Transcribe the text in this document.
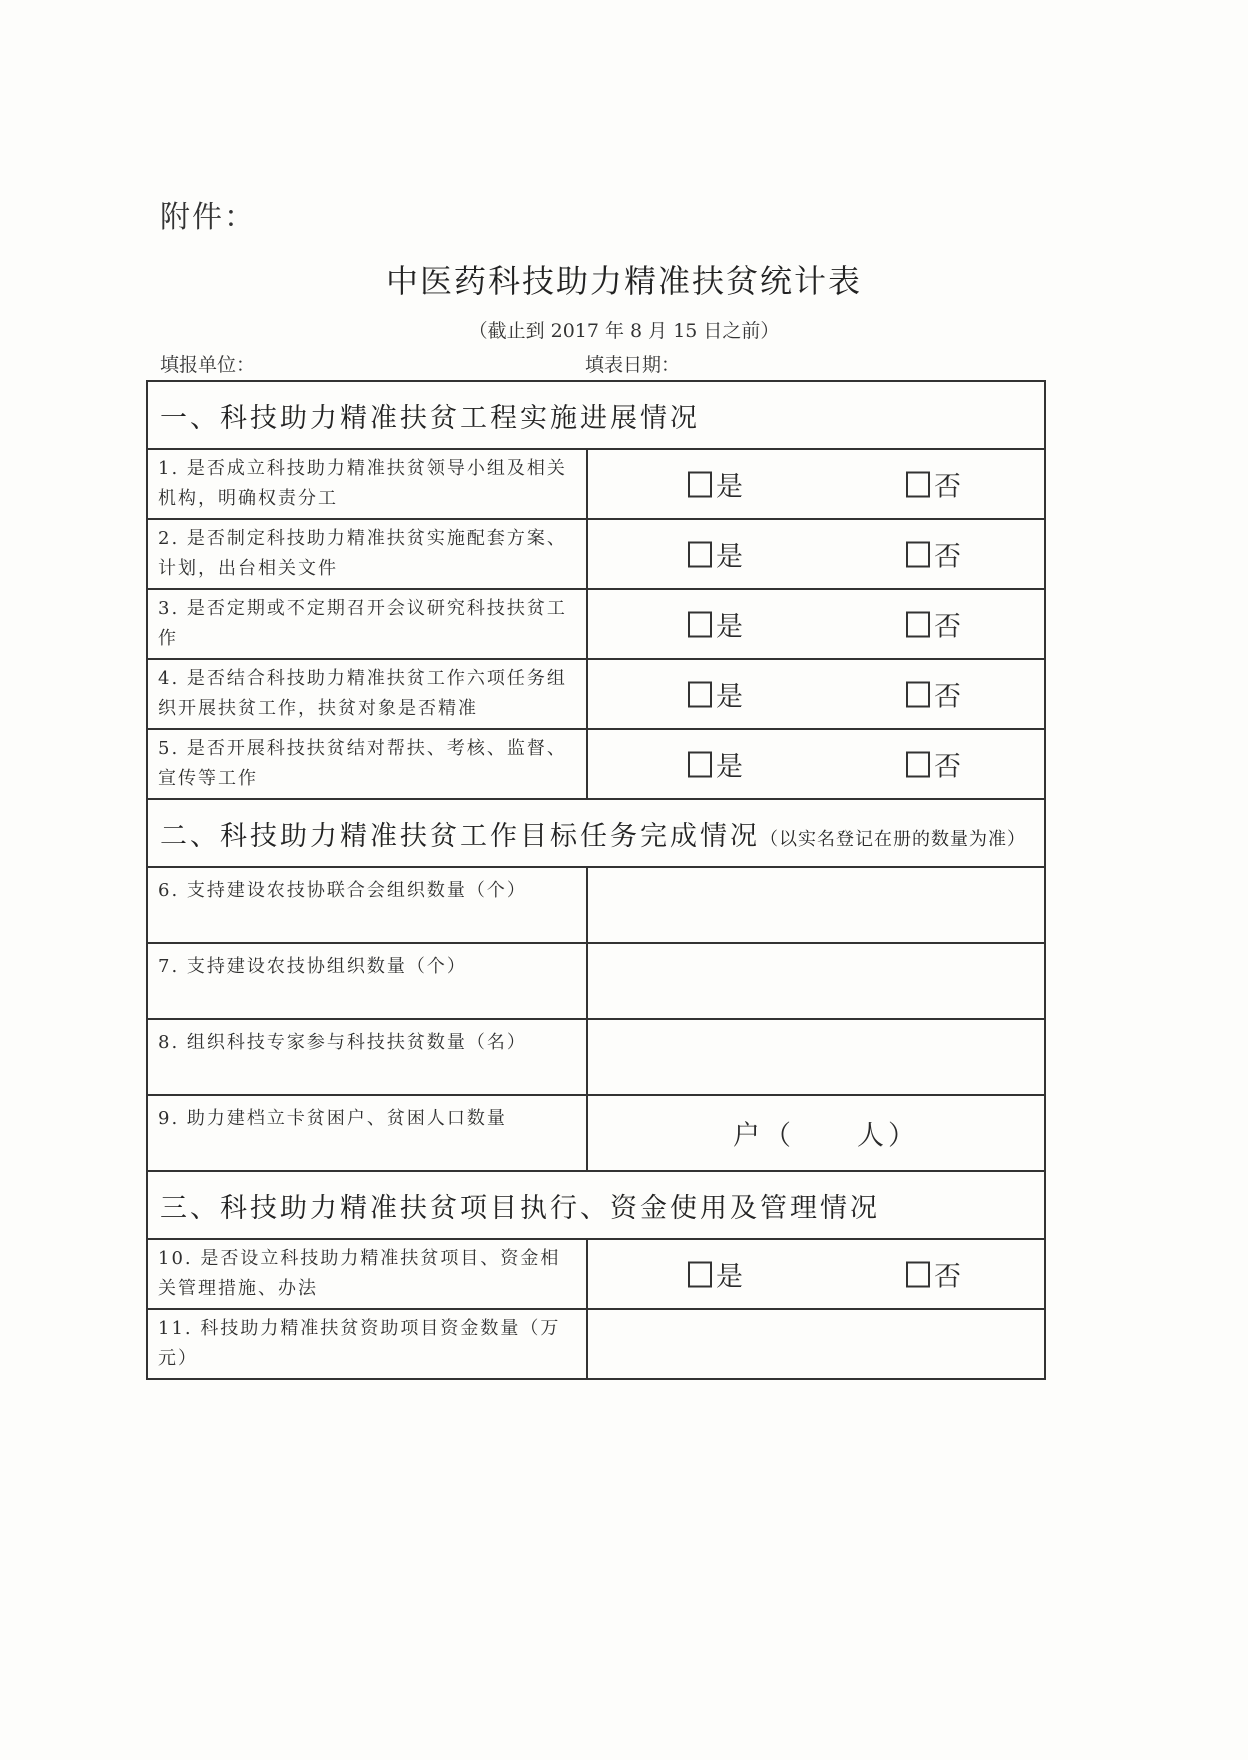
附件：
中医药科技助力精准扶贫统计表
（截止到 2017 年 8 月 15 日之前）
填报单位：	填表日期：
一、科技助力精准扶贫工程实施进展情况	
1. 是否成立科技助力精准扶贫领导小组及相关机构，明确权责分工	是 否

2. 是否制定科技助力精准扶贫实施配套方案、计划，出台相关文件	是 否

3. 是否定期或不定期召开会议研究科技扶贫工作	是 否

4. 是否结合科技助力精准扶贫工作六项任务组织开展扶贫工作，扶贫对象是否精准	是 否

5. 是否开展科技扶贫结对帮扶、考核、监督、宣传等工作	是 否

二、科技助力精准扶贫工作目标任务完成情况（以实名登记在册的数量为准）	
6. 支持建设农技协联合会组织数量（个）	
7. 支持建设农技协组织数量（个）	
8. 组织科技专家参与科技扶贫数量（名）	
9. 助力建档立卡贫困户、贫困人口数量	户（　　人）

三、科技助力精准扶贫项目执行、资金使用及管理情况	
10. 是否设立科技助力精准扶贫项目、资金相关管理措施、办法	是 否

11. 科技助力精准扶贫资助项目资金数量（万元）	
